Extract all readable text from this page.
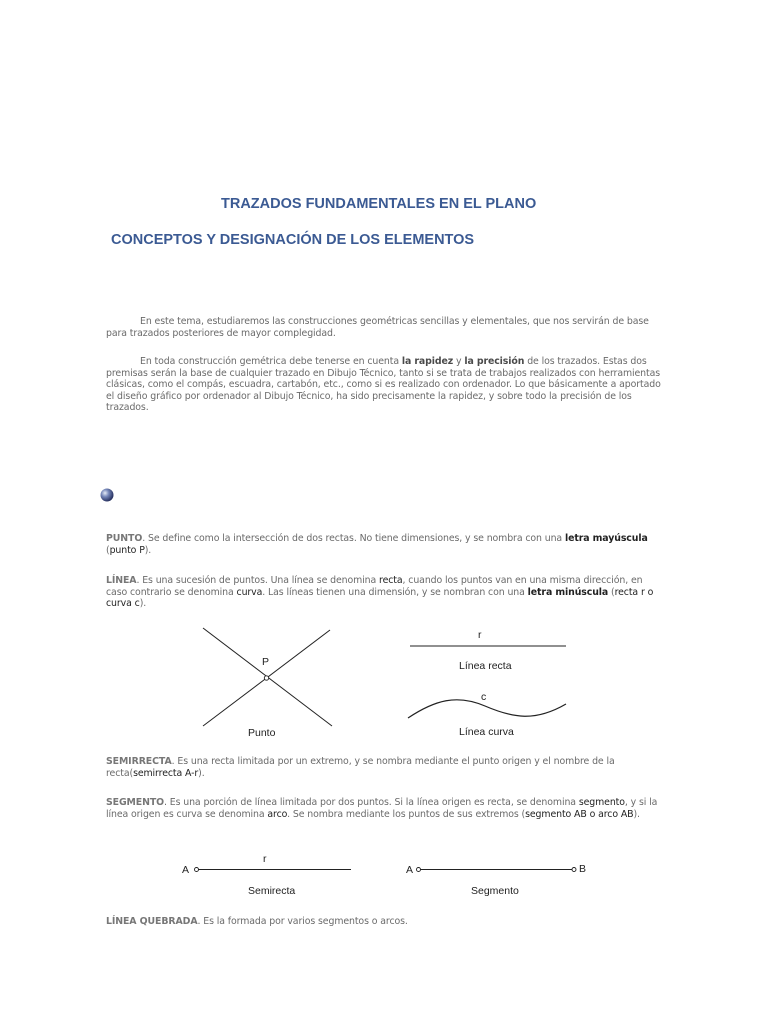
TRAZADOS FUNDAMENTALES EN EL PLANO
CONCEPTOS Y DESIGNACIÓN DE LOS ELEMENTOS
En este tema, estudiaremos las construcciones geométricas sencillas y elementales, que nos servirán de base para trazados posteriores de mayor complegidad.
En toda construcción gemétrica debe tenerse en cuenta la rapidez y la precisión de los trazados. Estas dos premisas serán la base de cualquier trazado en Dibujo Técnico, tanto si se trata de trabajos realizados con herramientas clásicas, como el compás, escuadra, cartabón, etc., como si es realizado con ordenador. Lo que básicamente a aportado el diseño gráfico por ordenador al Dibujo Técnico, ha sido precisamente la rapidez, y sobre todo la precisión de los trazados.
PUNTO. Se define como la intersección de dos rectas. No tiene dimensiones, y se nombra con una letra mayúscula (punto P).
LÍNEA. Es una sucesión de puntos. Una línea se denomina recta, cuando los puntos van en una misma dirección, en caso contrario se denomina curva. Las líneas tienen una dimensión, y se nombran con una letra minúscula (recta r o curva c).
P
Punto
r
Línea recta
c
Línea curva
SEMIRRECTA. Es una recta limitada por un extremo, y se nombra mediante el punto origen y el nombre de la recta(semirrecta A-r).
SEGMENTO. Es una porción de línea limitada por dos puntos. Si la línea origen es recta, se denomina segmento, y si la línea origen es curva se denomina arco. Se nombra mediante los puntos de sus extremos (segmento AB o arco AB).
r
A
Semirecta
A	B
Segmento
LÍNEA QUEBRADA. Es la formada por varios segmentos o arcos.
